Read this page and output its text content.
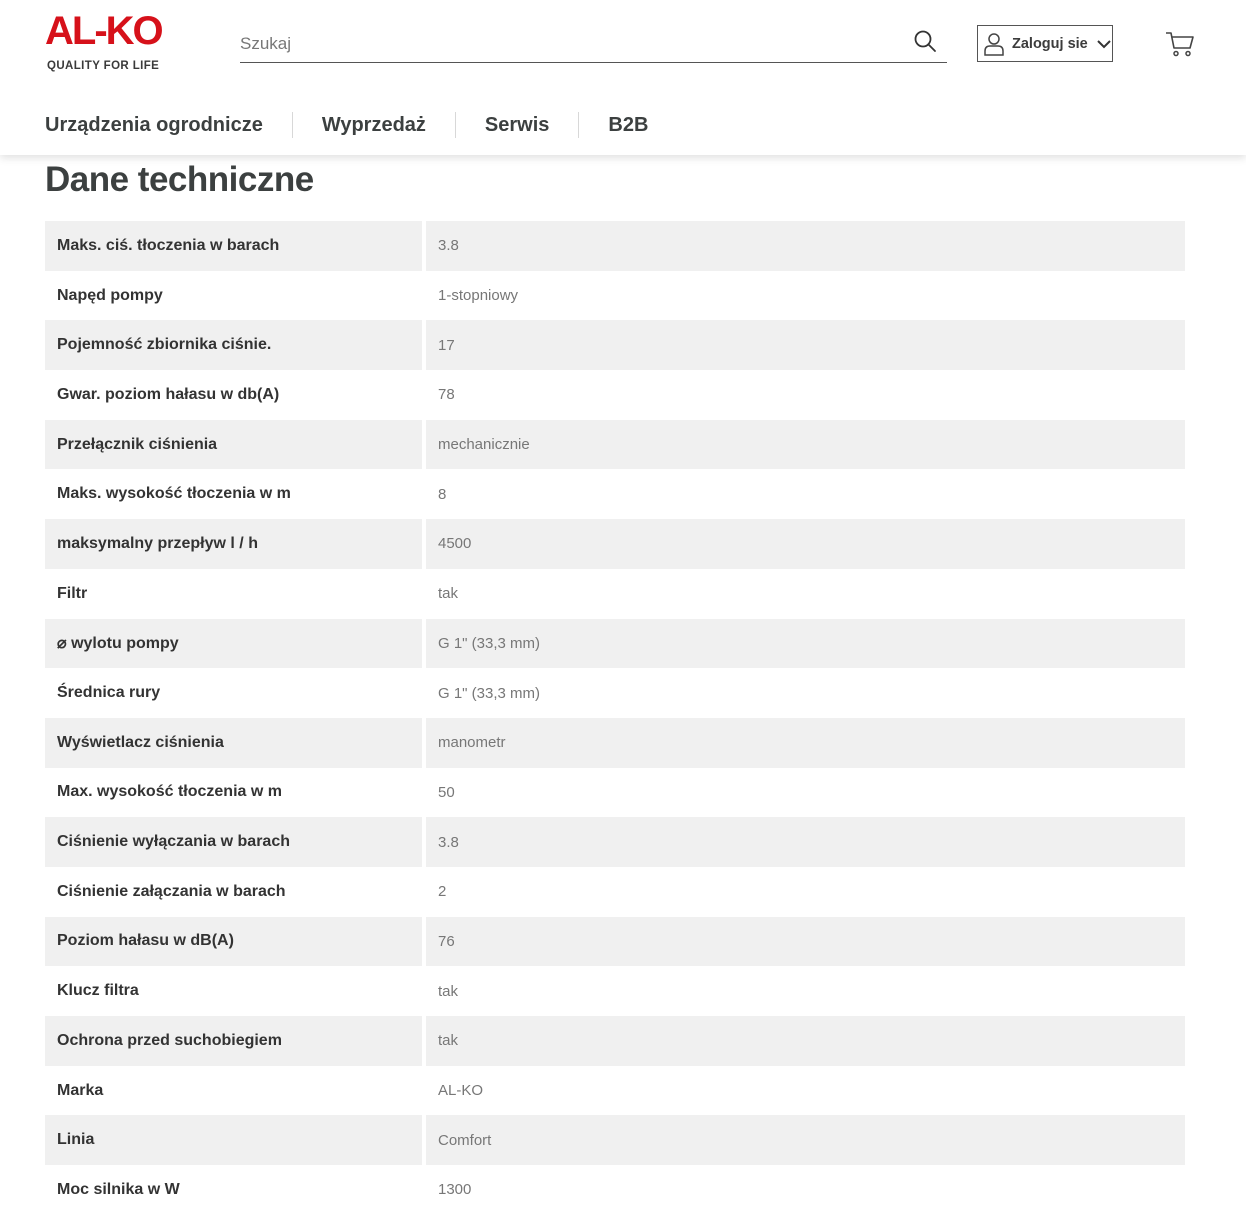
AL-KO
QUALITY FOR LIFE
Szukaj
Zaloguj sie
Urządzenia ogrodnicze	Wyprzedaż	Serwis	B2B
Dane techniczne
Maks. ciś. tłoczenia w barach	3.8
Napęd pompy	1-stopniowy
Pojemność zbiornika ciśnie.	17
Gwar. poziom hałasu w db(A)	78
Przełącznik ciśnienia	mechanicznie
Maks. wysokość tłoczenia w m	8
maksymalny przepływ l / h	4500
Filtr	tak
⌀ wylotu pompy	G 1" (33,3 mm)
Średnica rury	G 1" (33,3 mm)
Wyświetlacz ciśnienia	manometr
Max. wysokość tłoczenia w m	50
Ciśnienie wyłączania w barach	3.8
Ciśnienie załączania w barach	2
Poziom hałasu w dB(A)	76
Klucz filtra	tak
Ochrona przed suchobiegiem	tak
Marka	AL-KO
Linia	Comfort
Moc silnika w W	1300
